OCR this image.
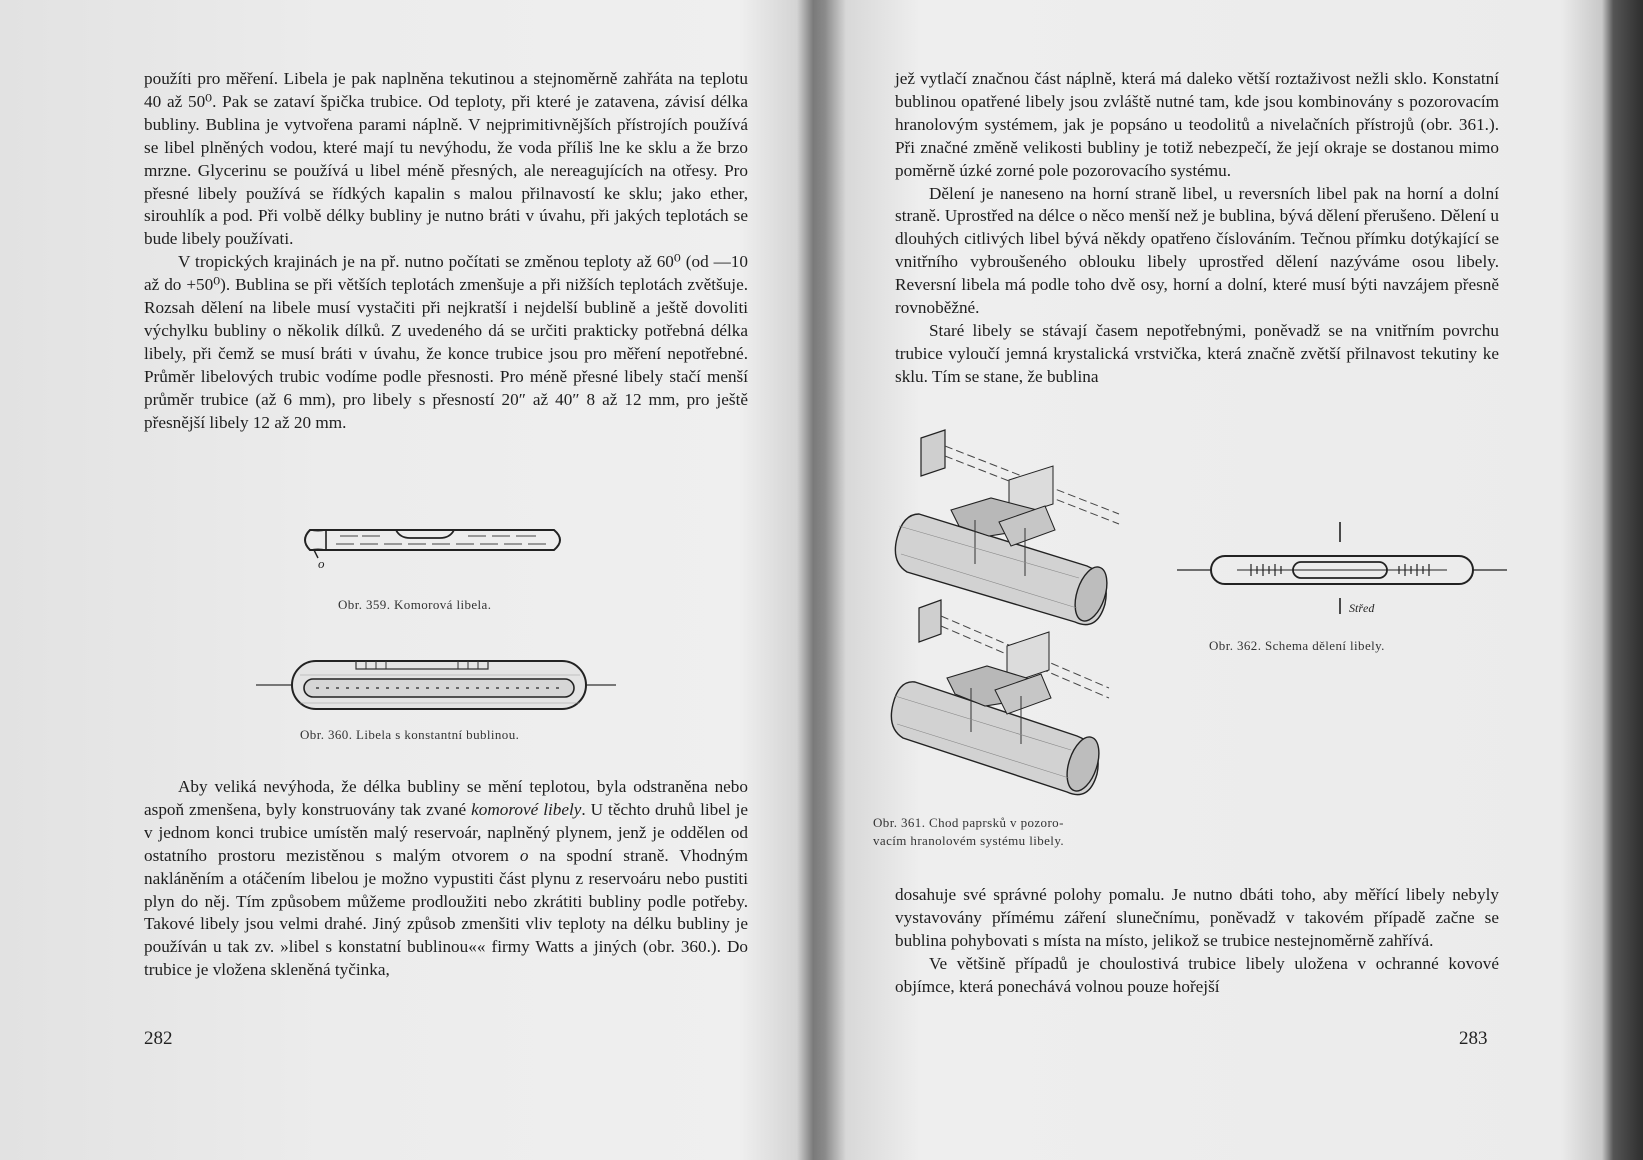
použíti pro měření. Libela je pak naplněna tekutinou a stejnoměrně zahřáta na teplotu 40 až 50⁰. Pak se zataví špička trubice. Od teploty, při které je zatavena, závisí délka bubliny. Bublina je vytvořena parami náplně. V nejprimitivnějších přístrojích používá se libel plněných vodou, které mají tu nevýhodu, že voda příliš lne ke sklu a že brzo mrzne. Glycerinu se používá u libel méně přesných, ale nereagujících na otřesy. Pro přesné libely používá se řídkých kapalin s malou přilnavostí ke sklu; jako ether, sirouhlík a pod. Při volbě délky bubliny je nutno bráti v úvahu, při jakých teplotách se bude libely používati.

V tropických krajinách je na př. nutno počítati se změnou teploty až 60⁰ (od —10 až do +50⁰). Bublina se při větších teplotách zmenšuje a při nižších teplotách zvětšuje. Rozsah dělení na libele musí vystačiti při nejkratší i nejdelší bublině a ještě dovoliti výchylku bubliny o několik dílků. Z uvedeného dá se určiti prakticky potřebná délka libely, při čemž se musí bráti v úvahu, že konce trubice jsou pro měření nepotřebné. Průměr libelových trubic vodíme podle přesnosti. Pro méně přesné libely stačí menší průměr trubice (až 6 mm), pro libely s přesností 20″ až 40″ 8 až 12 mm, pro ještě přesnější libely 12 až 20 mm.

o
Obr. 359. Komorová libela.
Obr. 360. Libela s konstantní bublinou.

Aby veliká nevýhoda, že délka bubliny se mění teplotou, byla odstraněna nebo aspoň zmenšena, byly konstruovány tak zvané komorové libely. U těchto druhů libel je v jednom konci trubice umístěn malý reservoár, naplněný plynem, jenž je oddělen od ostatního prostoru mezistěnou s malým otvorem o na spodní straně. Vhodným nakláněním a otáčením libelou je možno vypustiti část plynu z reservoáru nebo pustiti plyn do něj. Tím způsobem můžeme prodloužiti nebo zkrátiti bubliny podle potřeby. Takové libely jsou velmi drahé. Jiný způsob zmenšiti vliv teploty na délku bubliny je používán u tak zv. »libel s konstatní bublinou«« firmy Watts a jiných (obr. 360.). Do trubice je vložena skleněná tyčinka,

282

jež vytlačí značnou část náplně, která má daleko větší roztaživost nežli sklo. Konstatní bublinou opatřené libely jsou zvláště nutné tam, kde jsou kombinovány s pozorovacím hranolovým systémem, jak je popsáno u teodolitů a nivelačních přístrojů (obr. 361.). Při značné změně velikosti bubliny je totiž nebezpečí, že její okraje se dostanou mimo poměrně úzké zorné pole pozorovacího systému.

Dělení je naneseno na horní straně libel, u reversních libel pak na horní a dolní straně. Uprostřed na délce o něco menší než je bublina, bývá dělení přerušeno. Dělení u dlouhých citlivých libel bývá někdy opatřeno číslováním. Tečnou přímku dotýkající se vnitřního vybroušeného oblouku libely uprostřed dělení nazýváme osou libely. Reversní libela má podle toho dvě osy, horní a dolní, které musí býti navzájem přesně rovnoběžné.

Staré libely se stávají časem nepotřebnými, poněvadž se na vnitřním povrchu trubice vyloučí jemná krystalická vrstvička, která značně zvětší přilnavost tekutiny ke sklu. Tím se stane, že bublina

Obr. 361. Chod paprsků v pozoro-
vacím hranolovém systému libely.
Střed
Obr. 362. Schema dělení libely.

dosahuje své správné polohy pomalu. Je nutno dbáti toho, aby měřící libely nebyly vystavovány přímému záření slunečnímu, poněvadž v takovém případě začne se bublina pohybovati s místa na místo, jelikož se trubice nestejnoměrně zahřívá.

Ve většině případů je choulostivá trubice libely uložena v ochranné kovové objímce, která ponechává volnou pouze hořejší

283
